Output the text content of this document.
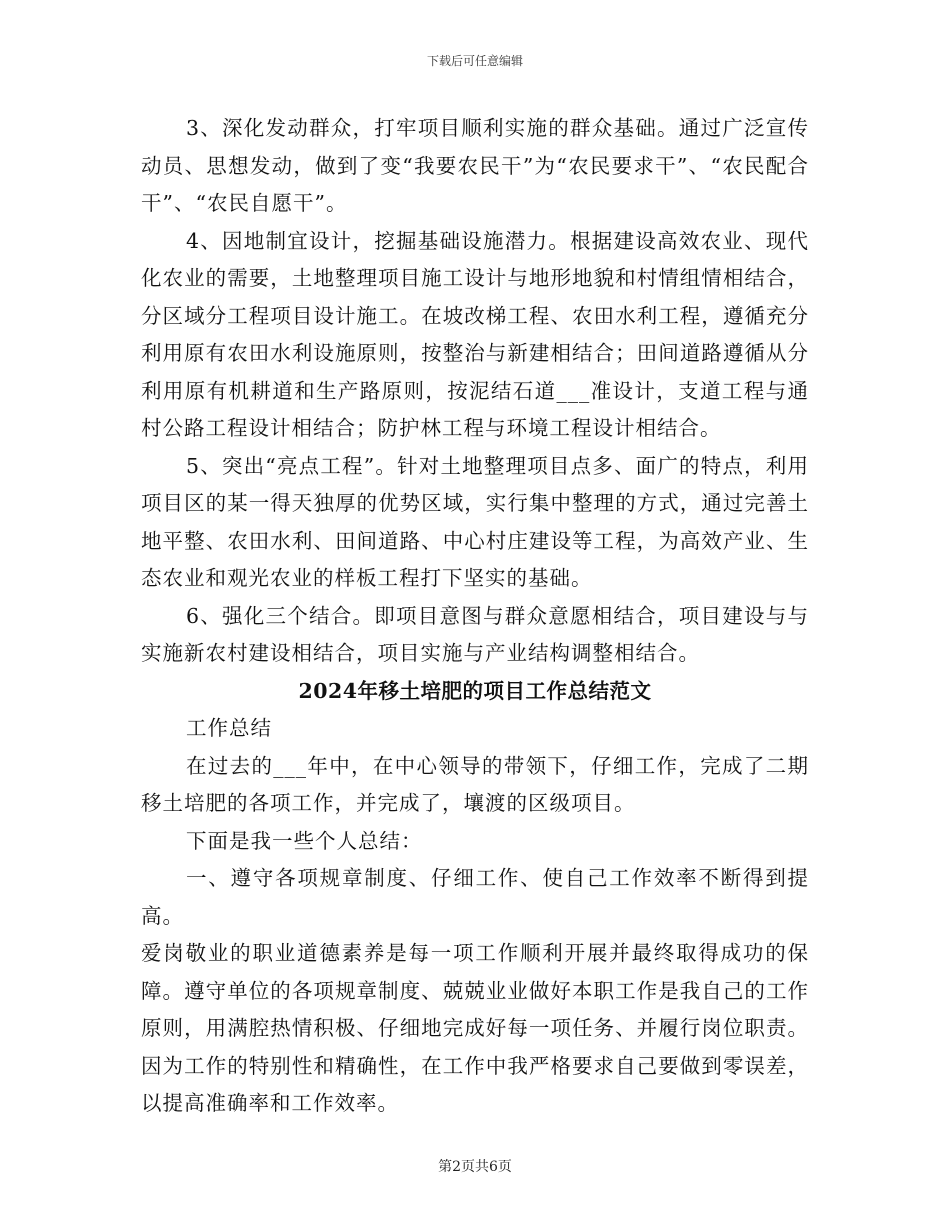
下载后可任意编辑

3、深化发动群众，打牢项目顺利实施的群众基础。通过广泛宣传动员、思想发动，做到了变“我要农民干”为“农民要求干”、“农民配合干”、“农民自愿干”。

4、因地制宜设计，挖掘基础设施潜力。根据建设高效农业、现代化农业的需要，土地整理项目施工设计与地形地貌和村情组情相结合，分区域分工程项目设计施工。在坡改梯工程、农田水利工程，遵循充分利用原有农田水利设施原则，按整治与新建相结合；田间道路遵循从分利用原有机耕道和生产路原则，按泥结石道___准设计，支道工程与通村公路工程设计相结合；防护林工程与环境工程设计相结合。

5、突出“亮点工程”。针对土地整理项目点多、面广的特点，利用项目区的某一得天独厚的优势区域，实行集中整理的方式，通过完善土地平整、农田水利、田间道路、中心村庄建设等工程，为高效产业、生态农业和观光农业的样板工程打下坚实的基础。

6、强化三个结合。即项目意图与群众意愿相结合，项目建设与与实施新农村建设相结合，项目实施与产业结构调整相结合。

2024年移土培肥的项目工作总结范文

工作总结

在过去的___年中，在中心领导的带领下，仔细工作，完成了二期移土培肥的各项工作，并完成了，壤渡的区级项目。

下面是我一些个人总结：

一、遵守各项规章制度、仔细工作、使自己工作效率不断得到提高。

爱岗敬业的职业道德素养是每一项工作顺利开展并最终取得成功的保障。遵守单位的各项规章制度、兢兢业业做好本职工作是我自己的工作原则，用满腔热情积极、仔细地完成好每一项任务、并履行岗位职责。因为工作的特别性和精确性，在工作中我严格要求自己要做到零误差，以提高准确率和工作效率。

第2页共6页
